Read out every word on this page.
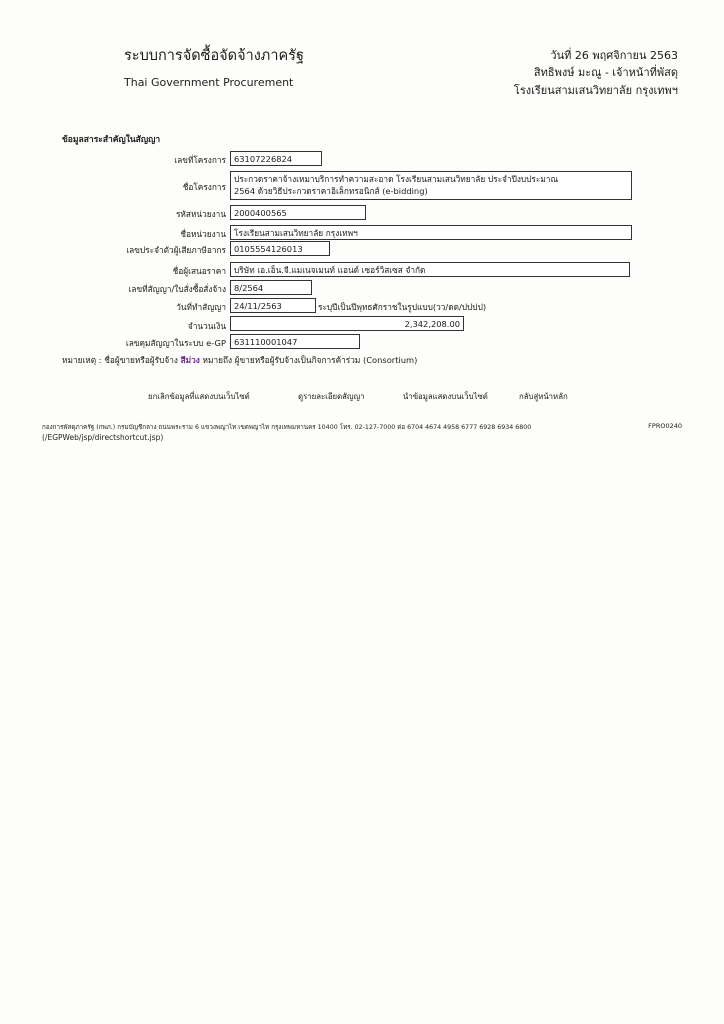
ระบบการจัดซื้อจัดจ้างภาครัฐ
Thai Government Procurement
วันที่ 26 พฤศจิกายน 2563
สิทธิพงษ์ มะณู - เจ้าหน้าที่พัสดุ
โรงเรียนสามเสนวิทยาลัย กรุงเทพฯ
ข้อมูลสาระสำคัญในสัญญา
เลขที่โครงการ 63107226824
ชื่อโครงการ
ประกวดราคาจ้างเหมาบริการทำความสะอาด โรงเรียนสามเสนวิทยาลัย ประจำปีงบประมาณ
2564 ด้วยวิธีประกวดราคาอิเล็กทรอนิกส์ (e-bidding)
รหัสหน่วยงาน 2000400565
ชื่อหน่วยงาน โรงเรียนสามเสนวิทยาลัย กรุงเทพฯ
เลขประจำตัวผู้เสียภาษีอากร 0105554126013
ชื่อผู้เสนอราคา บริษัท เอ.เอ็น.จี.แมเนจเมนท์ แอนด์ เซอร์วิสเซส จำกัด
เลขที่สัญญา/ใบสั่งซื้อสั่งจ้าง 8/2564
วันที่ทำสัญญา 24/11/2563	ระบุปีเป็นปีพุทธศักราชในรูปแบบ(วว/ดด/ปปปป)
จำนวนเงิน	2,342,208.00
เลขคุมสัญญาในระบบ e-GP 631110001047
หมายเหตุ : ชื่อผู้ขายหรือผู้รับจ้าง สีม่วง หมายถึง ผู้ขายหรือผู้รับจ้างเป็นกิจการค้าร่วม (Consortium)
ยกเลิกข้อมูลที่แสดงบนเว็บไซต์	ดูรายละเอียดสัญญา	นำข้อมูลแสดงบนเว็บไซต์	กลับสู่หน้าหลัก
กองการพัสดุภาครัฐ (กพภ.) กรมบัญชีกลาง ถนนพระราม 6 แขวงพญาไท เขตพญาไท กรุงเทพมหานคร 10400 โทร. 02-127-7000 ต่อ 6704 4674 4958 6777 6928 6934 6800	FPRO0240
(/EGPWeb/jsp/directshortcut.jsp)
